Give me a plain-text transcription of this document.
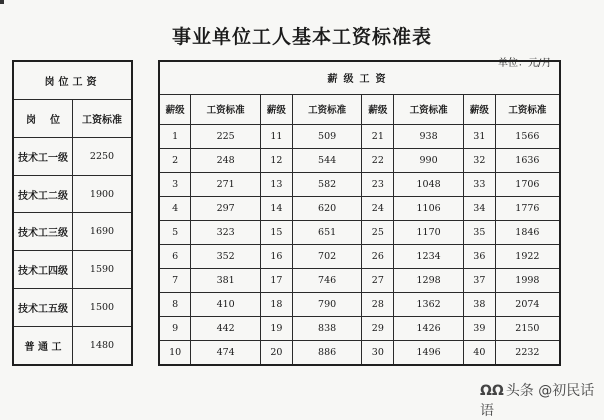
事业单位工人基本工资标准表
单位：元/月
岗位工资	
岗    位	工资标准
技术工一级	2250
技术工二级	1900
技术工三级	1690
技术工四级	1590
技术工五级	1500
普 通 工	1480
薪级工资							
薪级	工资标准	薪级	工资标准	薪级	工资标准	薪级	工资标准
1	225	11	509	21	938	31	1566
2	248	12	544	22	990	32	1636
3	271	13	582	23	1048	33	1706
4	297	14	620	24	1106	34	1776
5	323	15	651	25	1170	35	1846
6	352	16	702	26	1234	36	1922
7	381	17	746	27	1298	37	1998
8	410	18	790	28	1362	38	2074
9	442	19	838	29	1426	39	2150
10	474	20	886	30	1496	40	2232
ΩΩ 头条 @初民话语
